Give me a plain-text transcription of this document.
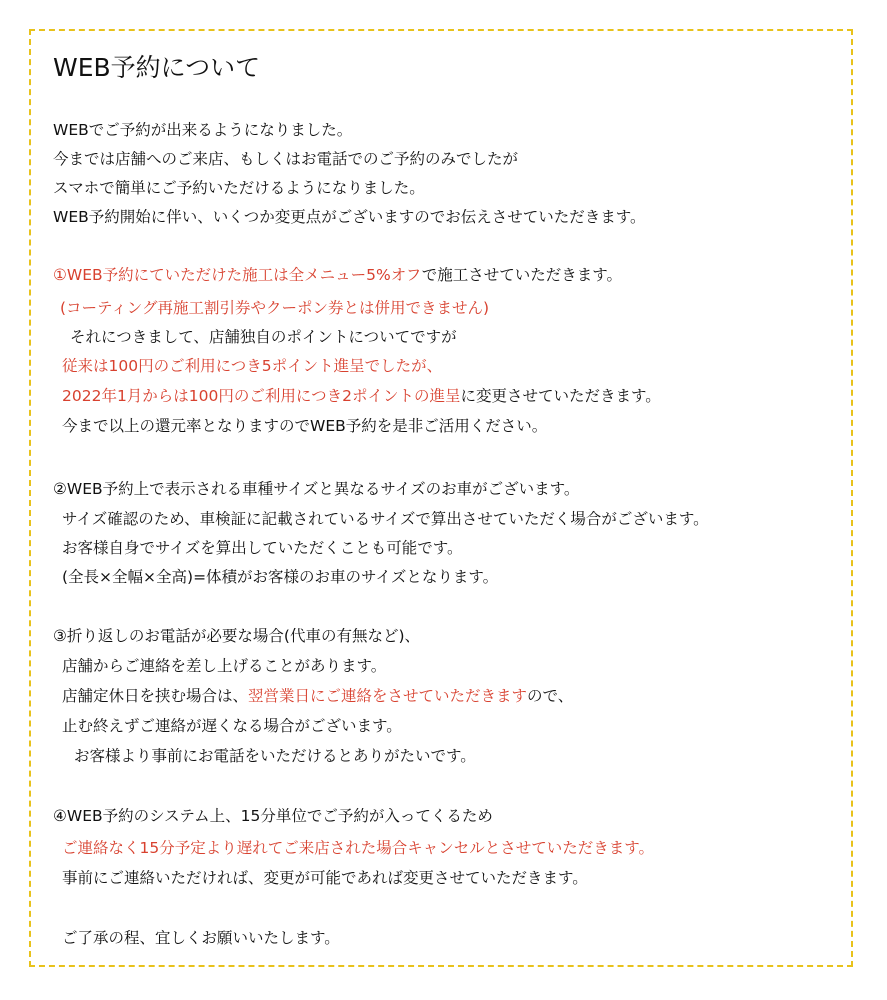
WEB予約について
WEBでご予約が出来るようになりました。
今までは店舗へのご来店、もしくはお電話でのご予約のみでしたが
スマホで簡単にご予約いただけるようになりました。
WEB予約開始に伴い、いくつか変更点がございますのでお伝えさせていただきます。
①WEB予約にていただけた施工は全メニュー5%オフで施工させていただきます。
(コーティング再施工割引券やクーポン券とは併用できません)
それにつきまして、店舗独自のポイントについてですが
従来は100円のご利用につき5ポイント進呈でしたが、
2022年1月からは100円のご利用につき2ポイントの進呈に変更させていただきます。
今まで以上の還元率となりますのでWEB予約を是非ご活用ください。
②WEB予約上で表示される車種サイズと異なるサイズのお車がございます。
サイズ確認のため、車検証に記載されているサイズで算出させていただく場合がございます。
お客様自身でサイズを算出していただくことも可能です。
(全長×全幅×全高)=体積がお客様のお車のサイズとなります。
③折り返しのお電話が必要な場合(代車の有無など)、
店舗からご連絡を差し上げることがあります。
店舗定休日を挟む場合は、翌営業日にご連絡をさせていただきますので、
止む終えずご連絡が遅くなる場合がございます。
お客様より事前にお電話をいただけるとありがたいです。
④WEB予約のシステム上、15分単位でご予約が入ってくるため
ご連絡なく15分予定より遅れてご来店された場合キャンセルとさせていただきます。
事前にご連絡いただければ、変更が可能であれば変更させていただきます。
ご了承の程、宜しくお願いいたします。
